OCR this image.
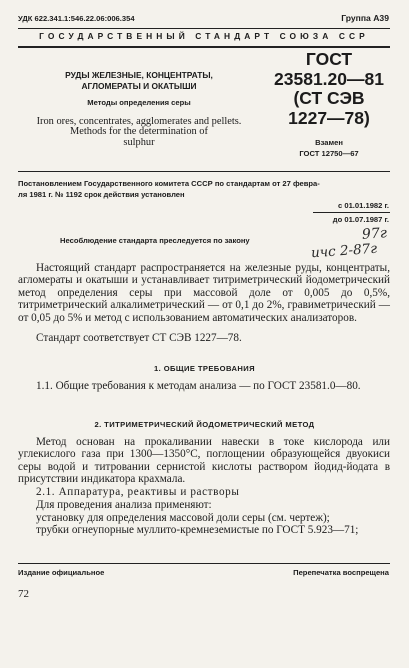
УДК 622.341.1:546.22.06:006.354	Группа А39
ГОСУДАРСТВЕННЫЙ СТАНДАРТ СОЮЗА ССР
РУДЫ ЖЕЛЕЗНЫЕ, КОНЦЕНТРАТЫ,
АГЛОМЕРАТЫ И ОКАТЫШИ
Методы определения серы
Iron ores, concentrates, agglomerates and pellets.
Methods for the determination of
sulphur
ГОСТ
23581.20—81
(СТ СЭВ
1227—78)
Взамен
ГОСТ 12750—67
Постановлением Государственного комитета СССР по стандартам от 27 февра-
ля 1981 г. № 1192 срок действия установлен
с 01.01.1982 г.
до 01.07.1987 г.
97г
ичс 2-87г
Несоблюдение стандарта преследуется по закону
Настоящий стандарт распространяется на железные руды, концентраты, агломераты и окатыши и устанавливает титриметрический йодометрический метод определения серы при массовой доле от 0,005 до 0,5%, титриметрический алкалиметрический — от 0,1 до 2%, гравиметрический — от 0,05 до 5% и метод с использованием автоматических анализаторов.
Стандарт соответствует СТ СЭВ 1227—78.
1. ОБЩИЕ ТРЕБОВАНИЯ
1.1. Общие требования к методам анализа — по ГОСТ 23581.0—80.
2. ТИТРИМЕТРИЧЕСКИЙ ЙОДОМЕТРИЧЕСКИЙ МЕТОД
Метод основан на прокаливании навески в токе кислорода или углекислого газа при 1300—1350°С, поглощении образующейся двуокиси серы водой и титровании сернистой кислоты раствором йодид-йодата в присутствии индикатора крахмала.
2.1. Аппаратура, реактивы и растворы
Для проведения анализа применяют:
установку для определения массовой доли серы (см. чертеж);
трубки огнеупорные муллито-кремнеземистые по ГОСТ 5.923—71;
Издание официальное	Перепечатка воспрещена
72
